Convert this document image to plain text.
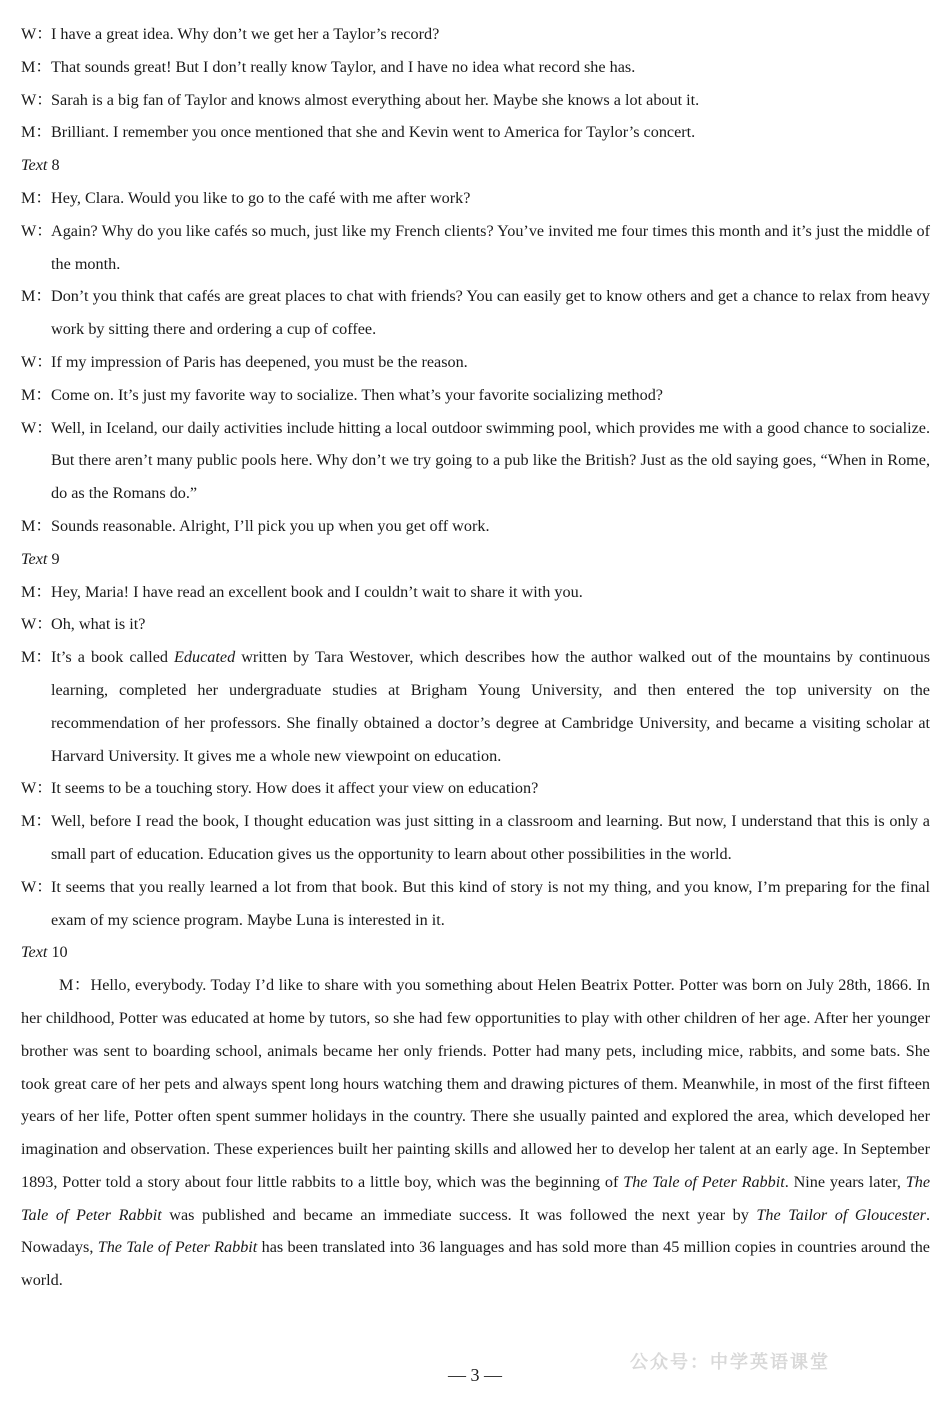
W：
I have a great idea. Why don’t we get her a Taylor’s record?

M： That sounds great! But I don’t really know Taylor, and I have no idea what record she has.

W：
Sarah is a big fan of Taylor and knows almost everything about her. Maybe she knows a lot about it.

M： Brilliant. I remember you once mentioned that she and Kevin went to America for Taylor’s concert.

Text 8

M： Hey, Clara. Would you like to go to the café with me after work?

W：
Again? Why do you like cafés so much, just like my French clients? You’ve invited me four times this month and it’s just the middle of the month.

M： Don’t you think that cafés are great places to chat with friends? You can easily get to know others and get a chance to relax from heavy work by sitting there and ordering a cup of coffee.

W：
If my impression of Paris has deepened, you must be the reason.

M： Come on. It’s just my favorite way to socialize. Then what’s your favorite socializing method?

W：
Well, in Iceland, our daily activities include hitting a local outdoor swimming pool, which provides me with a good chance to socialize. But there aren’t many public pools here. Why don’t we try going to a pub like the British? Just as the old saying goes, “When in Rome, do as the Romans do.”

M： Sounds reasonable. Alright, I’ll pick you up when you get off work.

Text 9

M： Hey, Maria! I have read an excellent book and I couldn’t wait to share it with you.

W：
Oh, what is it?

M： It’s a book called Educated written by Tara Westover, which describes how the author walked out of the mountains by continuous learning, completed her undergraduate studies at Brigham Young University, and then entered the top university on the recommendation of her professors. She finally obtained a doctor’s degree at Cambridge University, and became a visiting scholar at Harvard University. It gives me a whole new viewpoint on education.

W：
It seems to be a touching story. How does it affect your view on education?

M： Well, before I read the book, I thought education was just sitting in a classroom and learning. But now, I understand that this is only a small part of education. Education gives us the opportunity to learn about other possibilities in the world.

W：
It seems that you really learned a lot from that book. But this kind of story is not my thing, and you know, I’m preparing for the final exam of my science program. Maybe Luna is interested in it.

Text 10

M：Hello, everybody. Today I’d like to share with you something about Helen Beatrix Potter. Potter was born on July 28th, 1866. In her childhood, Potter was educated at home by tutors, so she had few opportunities to play with other children of her age. After her younger brother was sent to boarding school, animals became her only friends. Potter had many pets, including mice, rabbits, and some bats. She took great care of her pets and always spent long hours watching them and drawing pictures of them. Meanwhile, in most of the first fifteen years of her life, Potter often spent summer holidays in the country. There she usually painted and explored the area, which developed her imagination and observation. These experiences built her painting skills and allowed her to develop her talent at an early age. In September 1893, Potter told a story about four little rabbits to a little boy, which was the beginning of The Tale of Peter Rabbit. Nine years later, The Tale of Peter Rabbit was published and became an immediate success. It was followed the next year by The Tailor of Gloucester. Nowadays, The Tale of Peter Rabbit has been translated into 36 languages and has sold more than 45 million copies in countries around the world.

— 3 —
公众号：中学英语课堂
